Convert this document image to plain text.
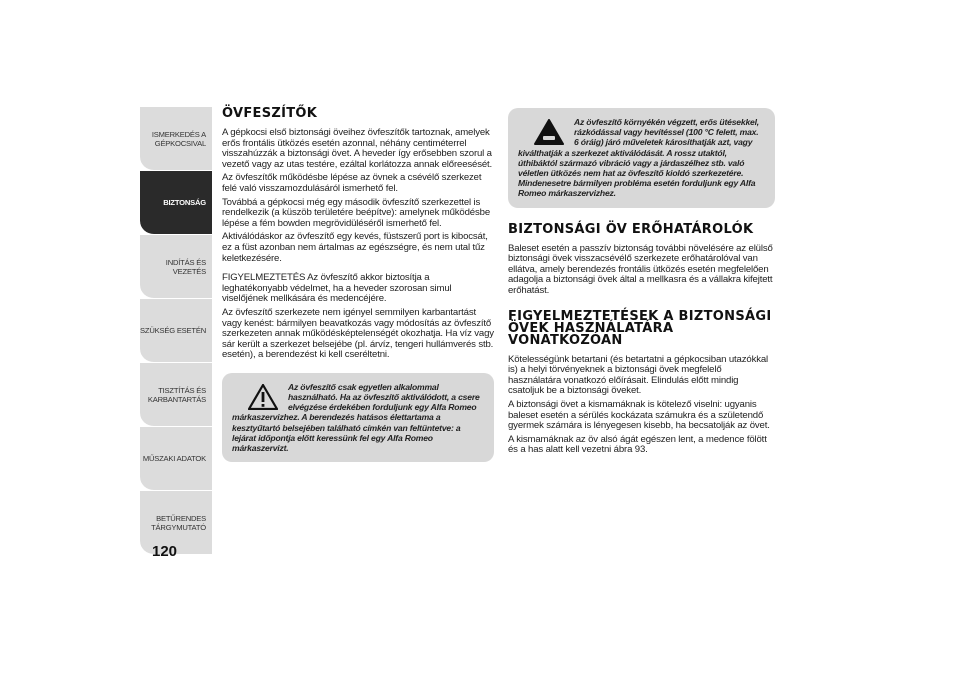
ISMERKEDÉS A GÉPKOCSIVAL
BIZTONSÁG
INDÍTÁS ÉS VEZETÉS
SZÜKSÉG ESETÉN
TISZTÍTÁS ÉS KARBANTARTÁS
MŰSZAKI ADATOK
BETŰRENDES TÁRGYMUTATÓ
120
ÖVFESZÍTŐK

A gépkocsi első biztonsági öveihez övfeszítők tartoznak, amelyek erős frontális ütközés esetén azonnal, néhány centiméterrel visszahúzzák a biztonsági övet. A heveder így erősebben szorul a vezető vagy az utas testére, ezáltal korlátozza annak előreesését.

Az övfeszítők működésbe lépése az övnek a csévélő szerkezet felé való visszamozdulásáról ismerhető fel.

Továbbá a gépkocsi még egy második övfeszítő szerkezettel is rendelkezik (a küszöb területére beépítve): amelynek működésbe lépése a fém bowden megrövidüléséről ismerhető fel.

Aktiválódáskor az övfeszítő egy kevés, füstszerű port is kibocsát, ez a füst azonban nem ártalmas az egészségre, és nem utal tűz keletkezésére.

FIGYELMEZTETÉS Az övfeszítő akkor biztosítja a leghatékonyabb védelmet, ha a heveder szorosan simul viselőjének mellkására és medencéjére.

Az övfeszítő szerkezete nem igényel semmilyen karbantartást vagy kenést: bármilyen beavatkozás vagy módosítás az övfeszítő szerkezeten annak működésképtelenségét okozhatja. Ha víz vagy sár került a szerkezet belsejébe (pl. árvíz, tengeri hullámverés stb. esetén), a berendezést ki kell cseréltetni.

Az övfeszítő csak egyetlen alkalommal használható. Ha az övfeszítő aktiválódott, a csere elvégzése érdekében forduljunk egy Alfa Romeo márkaszervizhez. A berendezés hatásos élettartama a kesztyűtartó belsejében található címkén van feltüntetve: a lejárat időpontja előtt keressünk fel egy Alfa Romeo márkaszervizt.

Az övfeszítő környékén végzett, erős ütésekkel, rázkódással vagy hevítéssel (100 °C felett, max. 6 óráig) járó műveletek károsíthatják azt, vagy kiválthatják a szerkezet aktiválódását. A rossz utaktól, úthibáktól származó vibráció vagy a járdaszélhez stb. való véletlen ütközés nem hat az övfeszítő kioldó szerkezetére. Mindenesetre bármilyen probléma esetén forduljunk egy Alfa Romeo márkaszervizhez.

BIZTONSÁGI ÖV ERŐHATÁROLÓK

Baleset esetén a passzív biztonság további növelésére az elülső biztonsági övek visszacsévélő szerkezete erőhatárolóval van ellátva, amely berendezés frontális ütközés esetén megfelelően adagolja a biztonsági övek által a mellkasra és a vállakra kifejtett erőhatást.

FIGYELMEZTETÉSEK A BIZTONSÁGI ÖVEK HASZNÁLATÁRA VONATKOZÓAN

Kötelességünk betartani (és betartatni a gépkocsiban utazókkal is) a helyi törvényeknek a biztonsági övek megfelelő használatára vonatkozó előírásait. Elindulás előtt mindig csatoljuk be a biztonsági öveket.

A biztonsági övet a kismamáknak is kötelező viselni: ugyanis baleset esetén a sérülés kockázata számukra és a születendő gyermek számára is lényegesen kisebb, ha becsatolják az övet.

A kismamáknak az öv alsó ágát egészen lent, a medence fölött és a has alatt kell vezetni ábra 93.
